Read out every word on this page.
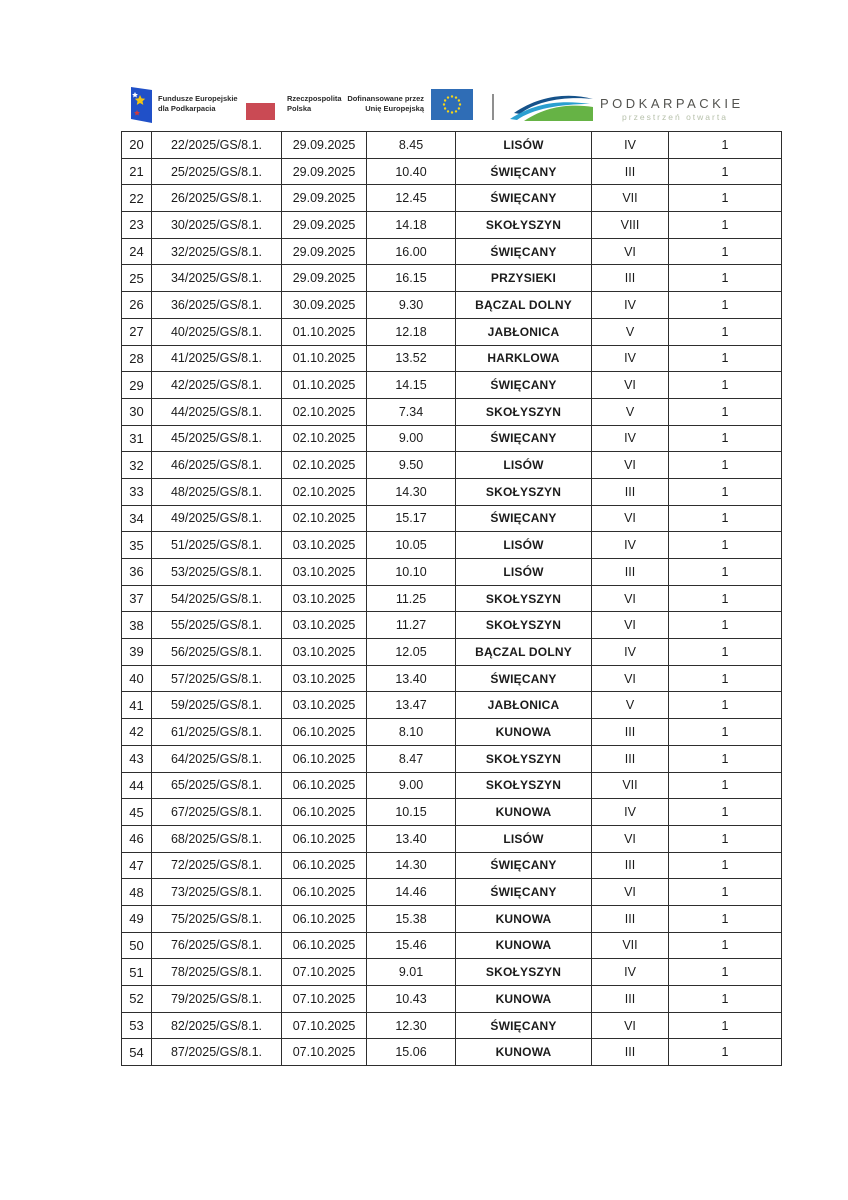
Fundusze Europejskie
dla Podkarpacia
Rzeczpospolita
Polska
Dofinansowane przez
Unię Europejską	PODKARPACKIE
przestrzeń otwarta
20	22/2025/GS/8.1.	29.09.2025	8.45	LISÓW	IV	1
21	25/2025/GS/8.1.	29.09.2025	10.40	ŚWIĘCANY	III	1
22	26/2025/GS/8.1.	29.09.2025	12.45	ŚWIĘCANY	VII	1
23	30/2025/GS/8.1.	29.09.2025	14.18	SKOŁYSZYN	VIII	1
24	32/2025/GS/8.1.	29.09.2025	16.00	ŚWIĘCANY	VI	1
25	34/2025/GS/8.1.	29.09.2025	16.15	PRZYSIEKI	III	1
26	36/2025/GS/8.1.	30.09.2025	9.30	BĄCZAL DOLNY	IV	1
27	40/2025/GS/8.1.	01.10.2025	12.18	JABŁONICA	V	1
28	41/2025/GS/8.1.	01.10.2025	13.52	HARKLOWA	IV	1
29	42/2025/GS/8.1.	01.10.2025	14.15	ŚWIĘCANY	VI	1
30	44/2025/GS/8.1.	02.10.2025	7.34	SKOŁYSZYN	V	1
31	45/2025/GS/8.1.	02.10.2025	9.00	ŚWIĘCANY	IV	1
32	46/2025/GS/8.1.	02.10.2025	9.50	LISÓW	VI	1
33	48/2025/GS/8.1.	02.10.2025	14.30	SKOŁYSZYN	III	1
34	49/2025/GS/8.1.	02.10.2025	15.17	ŚWIĘCANY	VI	1
35	51/2025/GS/8.1.	03.10.2025	10.05	LISÓW	IV	1
36	53/2025/GS/8.1.	03.10.2025	10.10	LISÓW	III	1
37	54/2025/GS/8.1.	03.10.2025	11.25	SKOŁYSZYN	VI	1
38	55/2025/GS/8.1.	03.10.2025	11.27	SKOŁYSZYN	VI	1
39	56/2025/GS/8.1.	03.10.2025	12.05	BĄCZAL DOLNY	IV	1
40	57/2025/GS/8.1.	03.10.2025	13.40	ŚWIĘCANY	VI	1
41	59/2025/GS/8.1.	03.10.2025	13.47	JABŁONICA	V	1
42	61/2025/GS/8.1.	06.10.2025	8.10	KUNOWA	III	1
43	64/2025/GS/8.1.	06.10.2025	8.47	SKOŁYSZYN	III	1
44	65/2025/GS/8.1.	06.10.2025	9.00	SKOŁYSZYN	VII	1
45	67/2025/GS/8.1.	06.10.2025	10.15	KUNOWA	IV	1
46	68/2025/GS/8.1.	06.10.2025	13.40	LISÓW	VI	1
47	72/2025/GS/8.1.	06.10.2025	14.30	ŚWIĘCANY	III	1
48	73/2025/GS/8.1.	06.10.2025	14.46	ŚWIĘCANY	VI	1
49	75/2025/GS/8.1.	06.10.2025	15.38	KUNOWA	III	1
50	76/2025/GS/8.1.	06.10.2025	15.46	KUNOWA	VII	1
51	78/2025/GS/8.1.	07.10.2025	9.01	SKOŁYSZYN	IV	1
52	79/2025/GS/8.1.	07.10.2025	10.43	KUNOWA	III	1
53	82/2025/GS/8.1.	07.10.2025	12.30	ŚWIĘCANY	VI	1
54	87/2025/GS/8.1.	07.10.2025	15.06	KUNOWA	III	1
